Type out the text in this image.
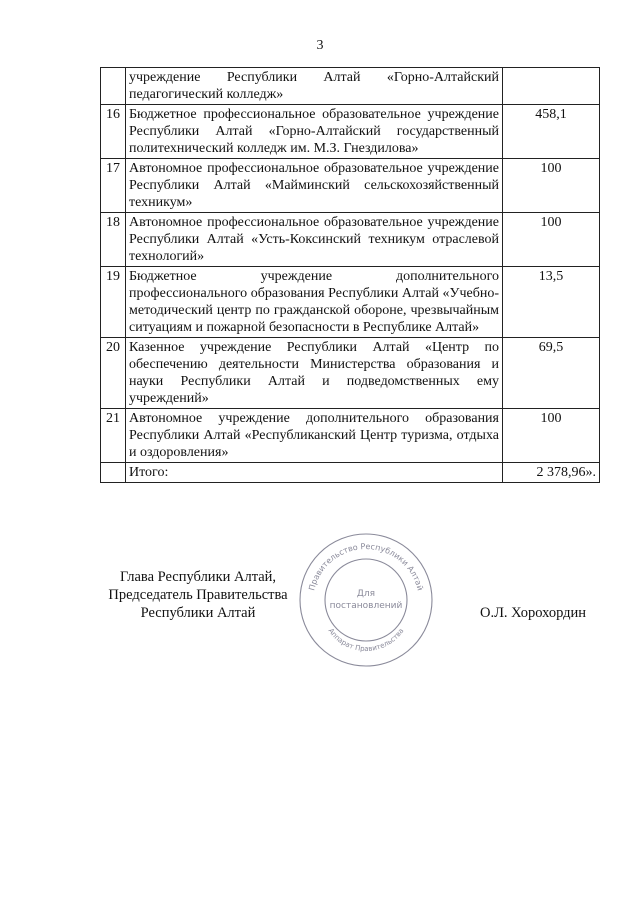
3
	учреждение Республики Алтай «Горно-Алтайский педагогический колледж»	
16	Бюджетное профессиональное образовательное учреждение Республики Алтай «Горно-Алтайский государственный политехнический колледж им. М.З. Гнездилова»	458,1
17	Автономное профессиональное образовательное учреждение Республики Алтай «Майминский сельскохозяйственный техникум»	100
18	Автономное профессиональное образовательное учреждение Республики Алтай «Усть-Коксинский техникум отраслевой технологий»	100
19	Бюджетное учреждение дополнительного профессионального образования Республики Алтай «Учебно-методический центр по гражданской обороне, чрезвычайным ситуациям и пожарной безопасности в Республике Алтай»	13,5
20	Казенное учреждение Республики Алтай «Центр по обеспечению деятельности Министерства образования и науки Республики Алтай и подведомственных ему учреждений»	69,5
21	Автономное учреждение дополнительного образования Республики Алтай «Республиканский Центр туризма, отдыха и оздоровления»	100
	Итого:	2 378,96».
Глава Республики Алтай,
Председатель Правительства
Республики Алтай	О.Л. Хорохордин
Правительство Республики Алтай
Аппарат Правительства
Для
постановлений
